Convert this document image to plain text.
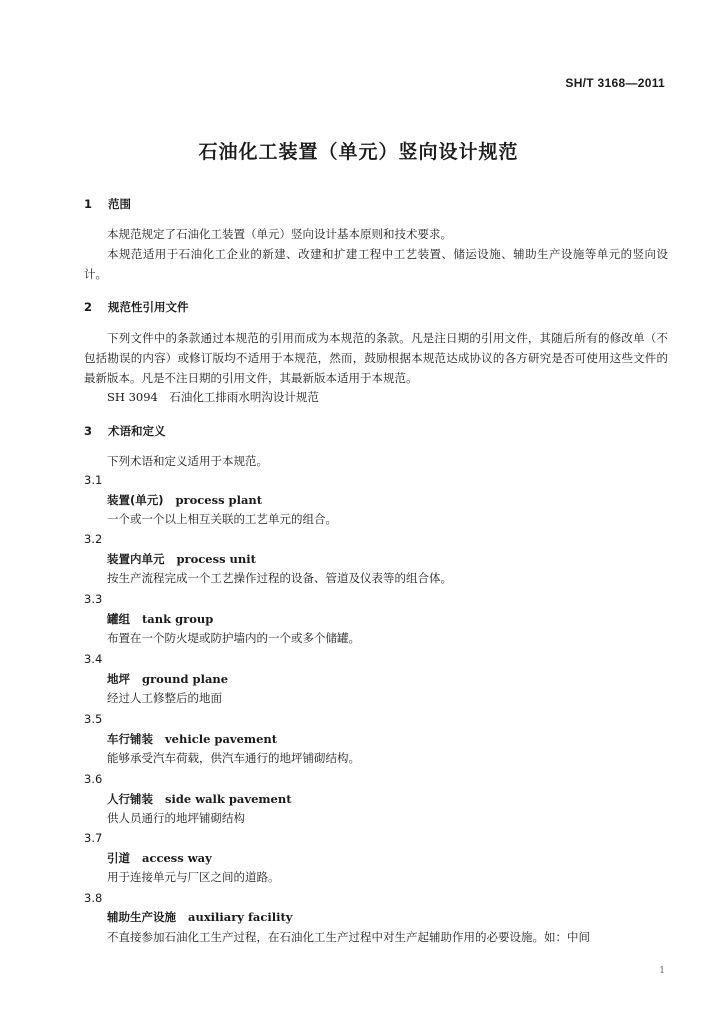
SH/T 3168—2011
石油化工装置（单元）竖向设计规范
1 范围
本规范规定了石油化工装置（单元）竖向设计基本原则和技术要求。
本规范适用于石油化工企业的新建、改建和扩建工程中工艺装置、储运设施、辅助生产设施等单元的竖向设计。
2 规范性引用文件
下列文件中的条款通过本规范的引用而成为本规范的条款。凡是注日期的引用文件，其随后所有的修改单（不包括勘误的内容）或修订版均不适用于本规范，然而，鼓励根据本规范达成协议的各方研究是否可使用这些文件的最新版本。凡是不注日期的引用文件，其最新版本适用于本规范。
SH 3094　石油化工排雨水明沟设计规范
3 术语和定义
下列术语和定义适用于本规范。
3.1
装置(单元) process plant
一个或一个以上相互关联的工艺单元的组合。
3.2
装置内单元 process unit
按生产流程完成一个工艺操作过程的设备、管道及仪表等的组合体。
3.3
罐组 tank group
布置在一个防火堤或防护墙内的一个或多个储罐。
3.4
地坪 ground plane
经过人工修整后的地面
3.5
车行铺装 vehicle pavement
能够承受汽车荷载，供汽车通行的地坪铺砌结构。
3.6
人行铺装 side walk pavement
供人员通行的地坪铺砌结构
3.7
引道 access way
用于连接单元与厂区之间的道路。
3.8
辅助生产设施 auxiliary facility
不直接参加石油化工生产过程，在石油化工生产过程中对生产起辅助作用的必要设施。如：中间
1
